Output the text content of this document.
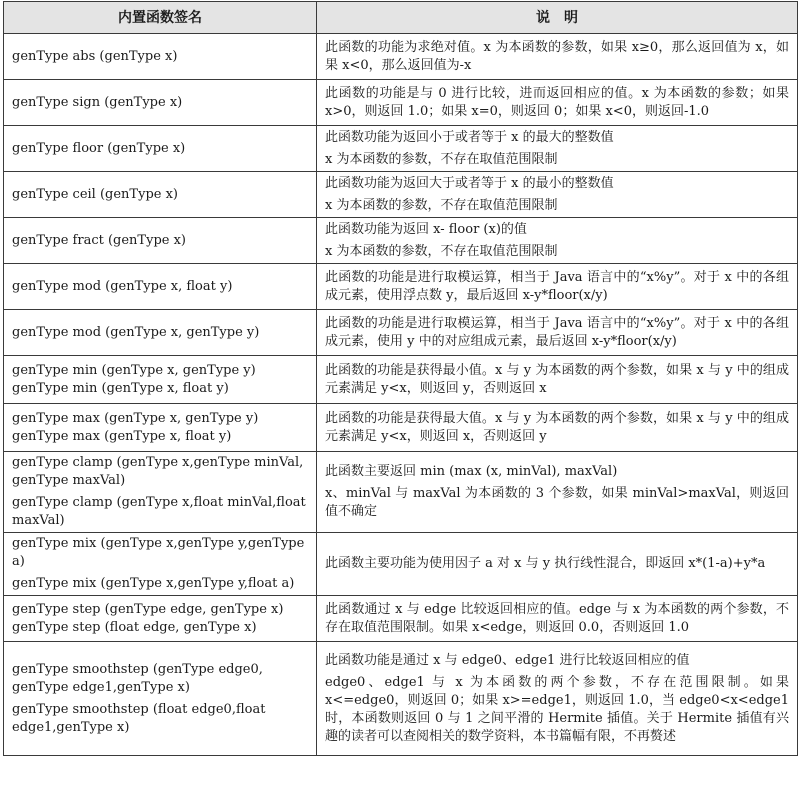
内置函数签名	说　明

genType abs (genType x)	此函数的功能为求绝对值。x 为本函数的参数，如果 x≥0，那么返回值为 x，如果 x<0，那么返回值为-x

genType sign (genType x)	此函数的功能是与 0 进行比较，进而返回相应的值。x 为本函数的参数；如果 x>0，则返回 1.0；如果 x=0，则返回 0；如果 x<0，则返回-1.0

genType floor (genType x)	此函数功能为返回小于或者等于 x 的最大的整数值
x 为本函数的参数，不存在取值范围限制

genType ceil (genType x)	此函数功能为返回大于或者等于 x 的最小的整数值
x 为本函数的参数，不存在取值范围限制

genType fract (genType x)	此函数功能为返回 x- floor (x)的值
x 为本函数的参数，不存在取值范围限制

genType mod (genType x, float y)	此函数的功能是进行取模运算，相当于 Java 语言中的“x%y”。对于 x 中的各组成元素，使用浮点数 y，最后返回 x-y*floor(x/y)

genType mod (genType x, genType y)	此函数的功能是进行取模运算，相当于 Java 语言中的“x%y”。对于 x 中的各组成元素，使用 y 中的对应组成元素，最后返回 x-y*floor(x/y)

genType min (genType x, genType y)
genType min (genType x, float y)	此函数的功能是获得最小值。x 与 y 为本函数的两个参数，如果 x 与 y 中的组成元素满足 y<x，则返回 y，否则返回 x

genType max (genType x, genType y)
genType max (genType x, float y)	此函数的功能是获得最大值。x 与 y 为本函数的两个参数，如果 x 与 y 中的组成元素满足 y<x，则返回 x，否则返回 y

genType clamp (genType x,genType minVal, genType maxVal)
genType clamp (genType x,float minVal,float maxVal)	此函数主要返回 min (max (x, minVal), maxVal)
x、minVal 与 maxVal 为本函数的 3 个参数，如果 minVal>maxVal，则返回值不确定

genType mix (genType x,genType y,genType a)
genType mix (genType x,genType y,float a)	此函数主要功能为使用因子 a 对 x 与 y 执行线性混合，即返回 x*(1-a)+y*a

genType step (genType edge, genType x)
genType step (float edge, genType x)	此函数通过 x 与 edge 比较返回相应的值。edge 与 x 为本函数的两个参数，不存在取值范围限制。如果 x<edge，则返回 0.0，否则返回 1.0

genType smoothstep (genType edge0, genType edge1,genType x)
genType smoothstep (float edge0,float edge1,genType x)	此函数功能是通过 x 与 edge0、edge1 进行比较返回相应的值
edge0、edge1 与 x 为本函数的两个参数，不存在范围限制。如果 x<=edge0，则返回 0；如果 x>=edge1，则返回 1.0，当 edge0<x<edge1 时，本函数则返回 0 与 1 之间平滑的 Hermite 插值。关于 Hermite 插值有兴趣的读者可以查阅相关的数学资料，本书篇幅有限，不再赘述
